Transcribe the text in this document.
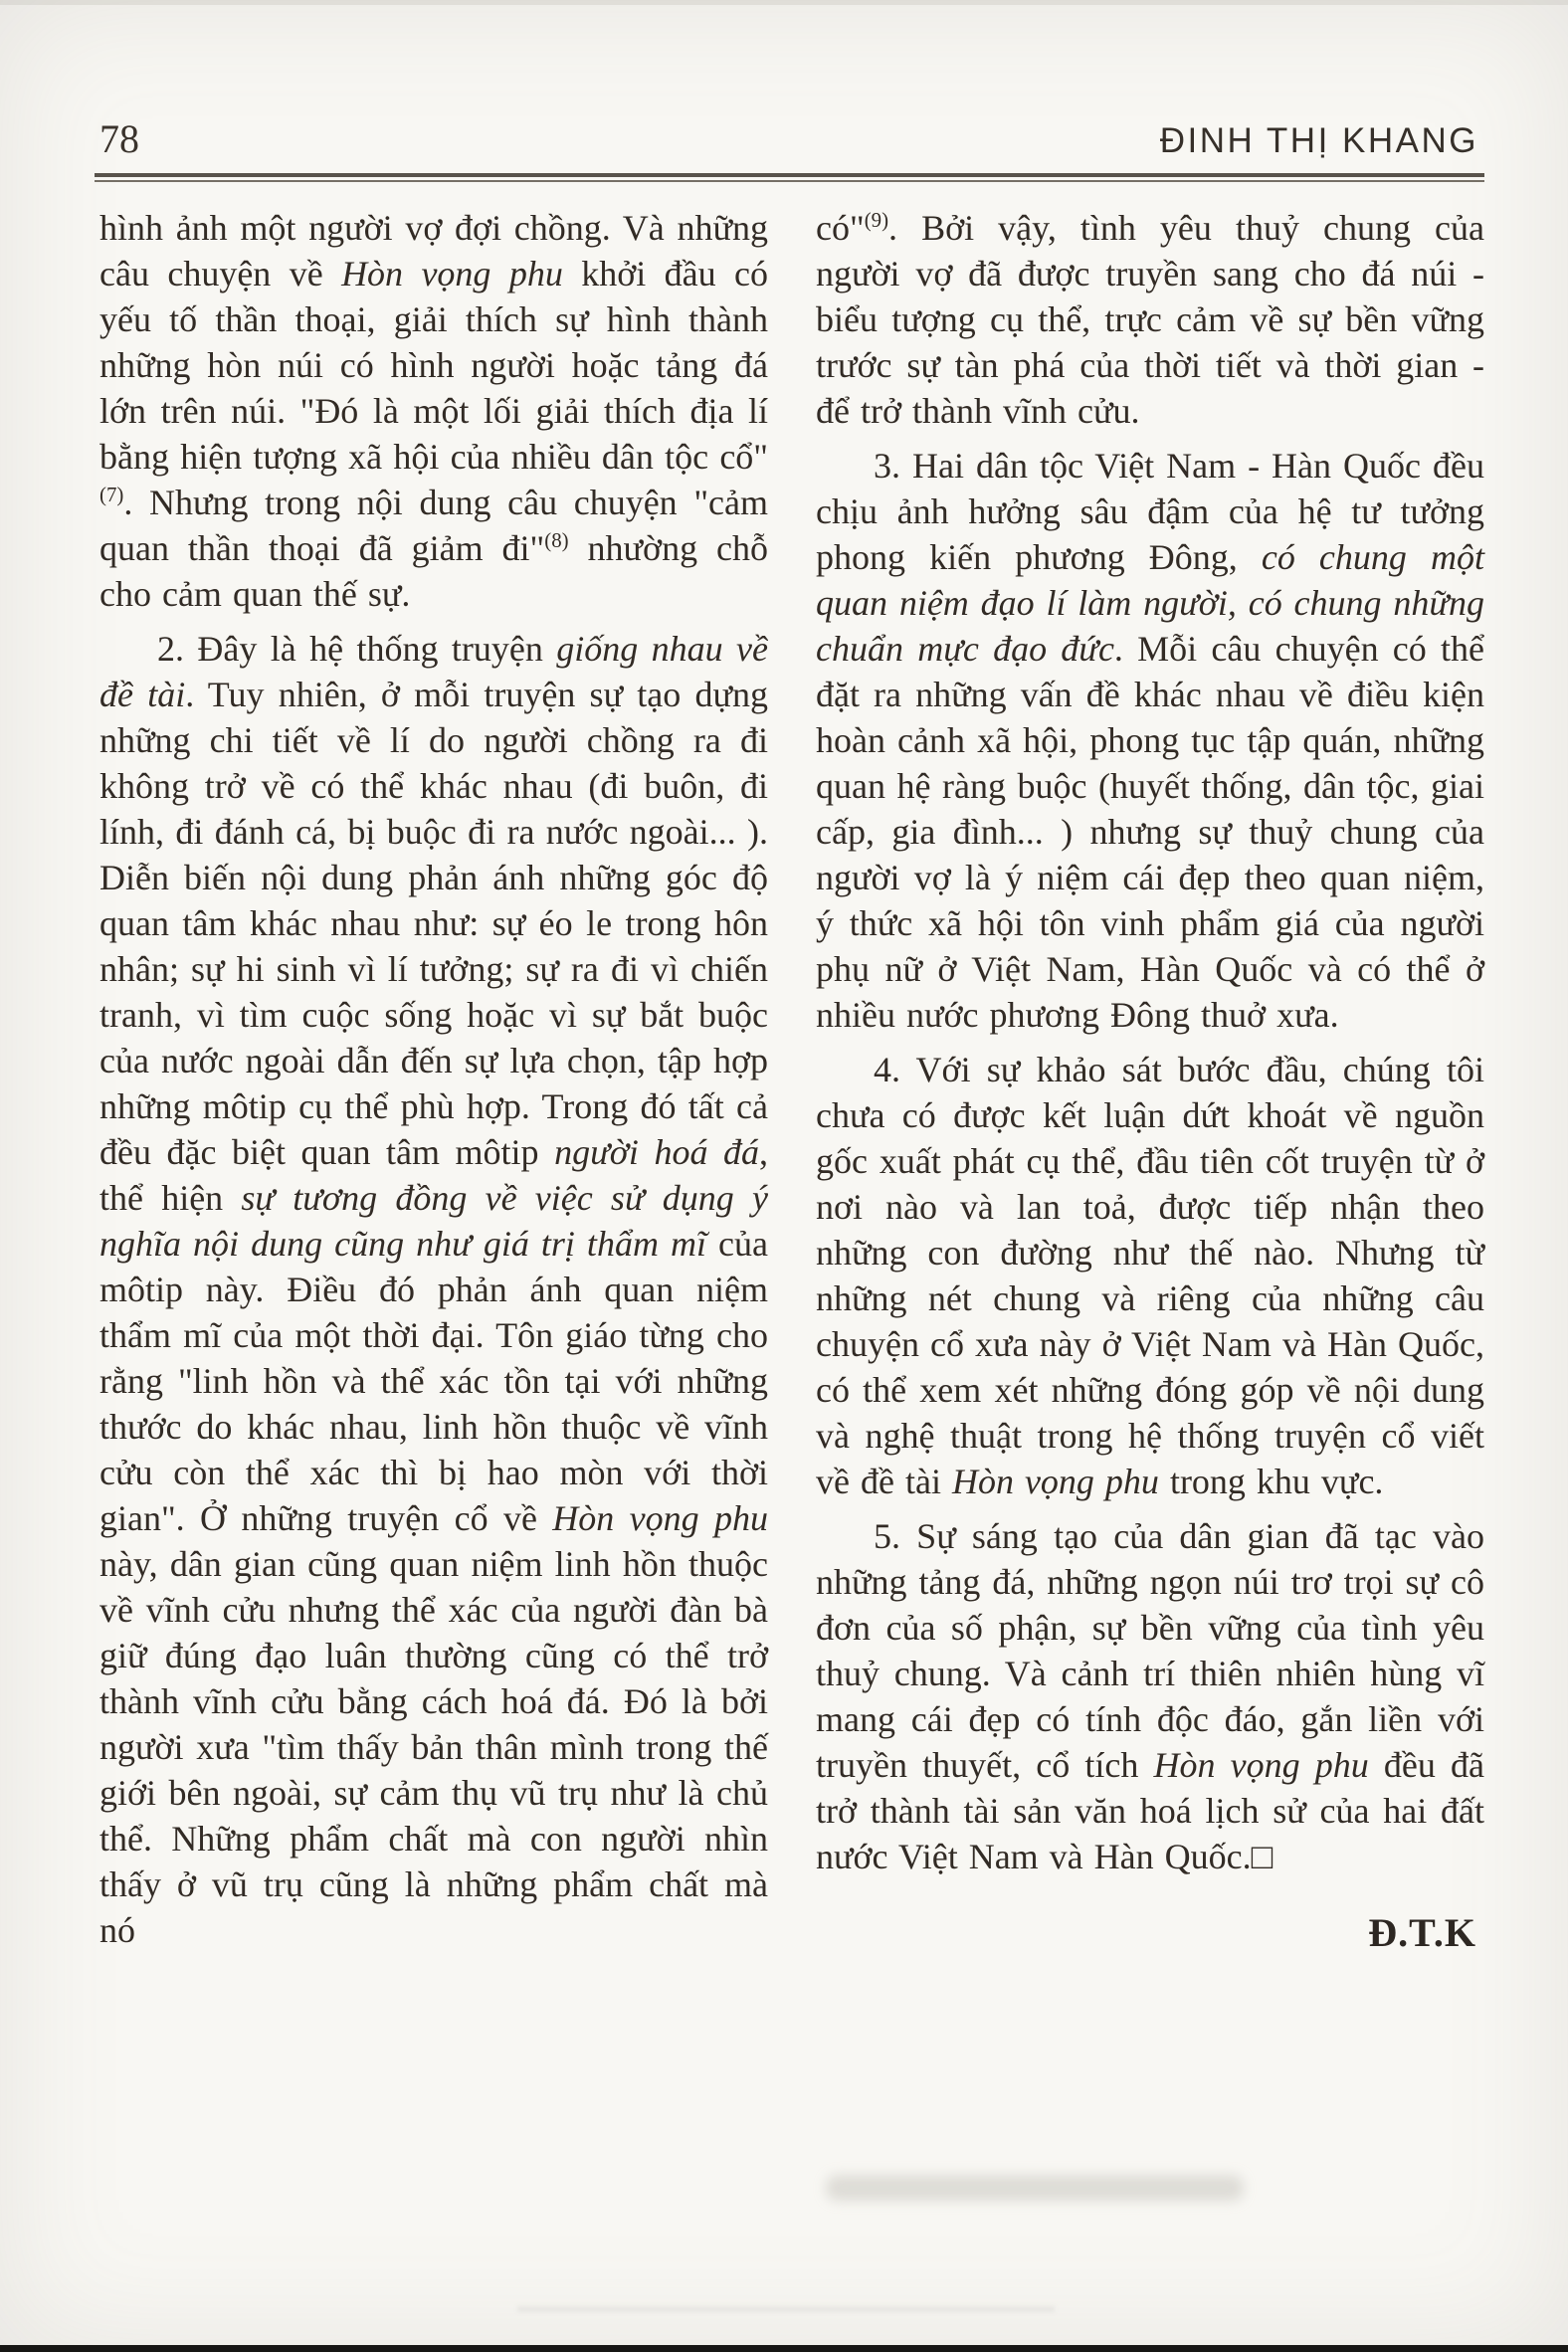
78	ĐINH THỊ KHANG

hình ảnh một người vợ đợi chồng. Và những câu chuyện về Hòn vọng phu khởi đầu có yếu tố thần thoại, giải thích sự hình thành những hòn núi có hình người hoặc tảng đá lớn trên núi. "Đó là một lối giải thích địa lí bằng hiện tượng xã hội của nhiều dân tộc cổ"$^{(7)}$. Nhưng trong nội dung câu chuyện "cảm quan thần thoại đã giảm đi"$^{(8)}$ nhường chỗ cho cảm quan thế sự.

2. Đây là hệ thống truyện giống nhau về đề tài. Tuy nhiên, ở mỗi truyện sự tạo dựng những chi tiết về lí do người chồng ra đi không trở về có thể khác nhau (đi buôn, đi lính, đi đánh cá, bị buộc đi ra nước ngoài... ). Diễn biến nội dung phản ánh những góc độ quan tâm khác nhau như: sự éo le trong hôn nhân; sự hi sinh vì lí tưởng; sự ra đi vì chiến tranh, vì tìm cuộc sống hoặc vì sự bắt buộc của nước ngoài dẫn đến sự lựa chọn, tập hợp những môtip cụ thể phù hợp. Trong đó tất cả đều đặc biệt quan tâm môtip người hoá đá, thể hiện sự tương đồng về việc sử dụng ý nghĩa nội dung cũng như giá trị thẩm mĩ của môtip này. Điều đó phản ánh quan niệm thẩm mĩ của một thời đại. Tôn giáo từng cho rằng "linh hồn và thể xác tồn tại với những thước do khác nhau, linh hồn thuộc về vĩnh cửu còn thể xác thì bị hao mòn với thời gian". Ở những truyện cổ về Hòn vọng phu này, dân gian cũng quan niệm linh hồn thuộc về vĩnh cửu nhưng thể xác của người đàn bà giữ đúng đạo luân thường cũng có thể trở thành vĩnh cửu bằng cách hoá đá. Đó là bởi người xưa "tìm thấy bản thân mình trong thế giới bên ngoài, sự cảm thụ vũ trụ như là chủ thể. Những phẩm chất mà con người nhìn thấy ở vũ trụ cũng là những phẩm chất mà nó

có"$^{(9)}$. Bởi vậy, tình yêu thuỷ chung của người vợ đã được truyền sang cho đá núi - biểu tượng cụ thể, trực cảm về sự bền vững trước sự tàn phá của thời tiết và thời gian - để trở thành vĩnh cửu.

3. Hai dân tộc Việt Nam - Hàn Quốc đều chịu ảnh hưởng sâu đậm của hệ tư tưởng phong kiến phương Đông, có chung một quan niệm đạo lí làm người, có chung những chuẩn mực đạo đức. Mỗi câu chuyện có thể đặt ra những vấn đề khác nhau về điều kiện hoàn cảnh xã hội, phong tục tập quán, những quan hệ ràng buộc (huyết thống, dân tộc, giai cấp, gia đình... ) nhưng sự thuỷ chung của người vợ là ý niệm cái đẹp theo quan niệm, ý thức xã hội tôn vinh phẩm giá của người phụ nữ ở Việt Nam, Hàn Quốc và có thể ở nhiều nước phương Đông thuở xưa.

4. Với sự khảo sát bước đầu, chúng tôi chưa có được kết luận dứt khoát về nguồn gốc xuất phát cụ thể, đầu tiên cốt truyện từ ở nơi nào và lan toả, được tiếp nhận theo những con đường như thế nào. Nhưng từ những nét chung và riêng của những câu chuyện cổ xưa này ở Việt Nam và Hàn Quốc, có thể xem xét những đóng góp về nội dung và nghệ thuật trong hệ thống truyện cổ viết về đề tài Hòn vọng phu trong khu vực.

5. Sự sáng tạo của dân gian đã tạc vào những tảng đá, những ngọn núi trơ trọi sự cô đơn của số phận, sự bền vững của tình yêu thuỷ chung. Và cảnh trí thiên nhiên hùng vĩ mang cái đẹp có tính độc đáo, gắn liền với truyền thuyết, cổ tích Hòn vọng phu đều đã trở thành tài sản văn hoá lịch sử của hai đất nước Việt Nam và Hàn Quốc.□

Đ.T.K
